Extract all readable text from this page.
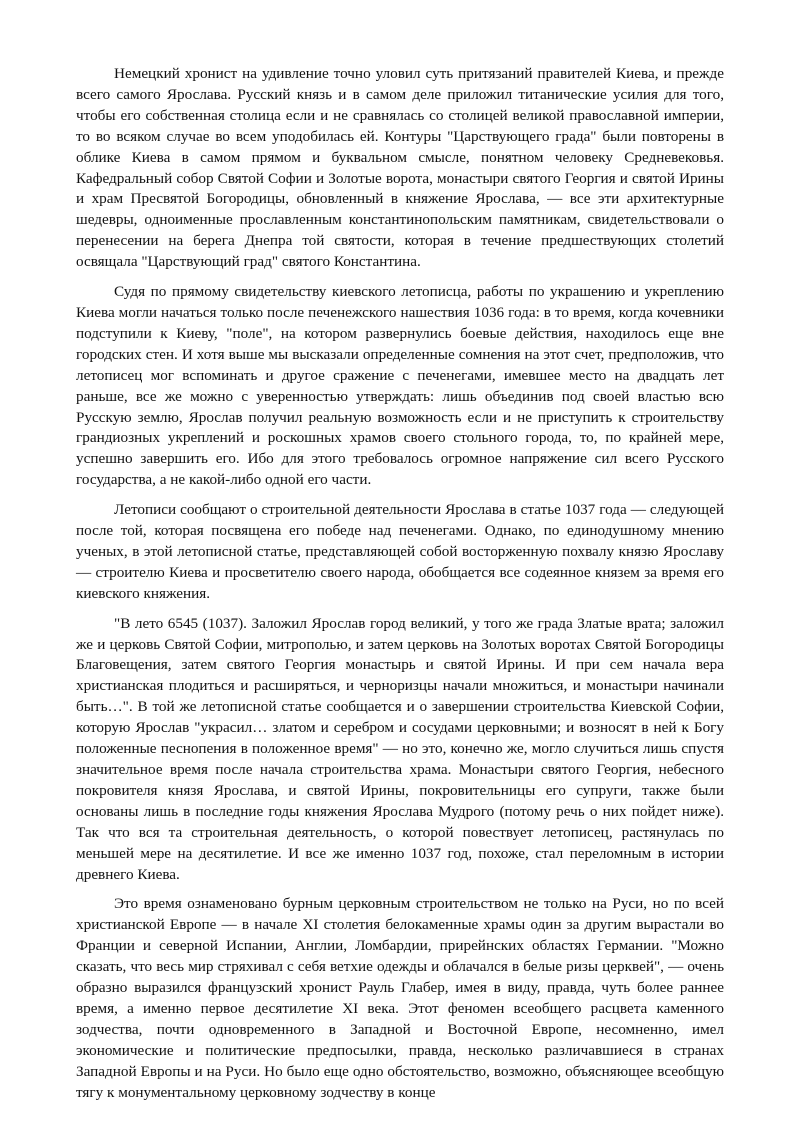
Немецкий хронист на удивление точно уловил суть притязаний правителей Киева, и прежде всего самого Ярослава. Русский князь и в самом деле приложил титанические усилия для того, чтобы его собственная столица если и не сравнялась со столицей великой православной империи, то во всяком случае во всем уподобилась ей. Контуры "Царствующего града" были повторены в облике Киева в самом прямом и буквальном смысле, понятном человеку Средневековья. Кафедральный собор Святой Софии и Золотые ворота, монастыри святого Георгия и святой Ирины и храм Пресвятой Богородицы, обновленный в княжение Ярослава, — все эти архитектурные шедевры, одноименные прославленным константинопольским памятникам, свидетельствовали о перенесении на берега Днепра той святости, которая в течение предшествующих столетий освящала "Царствующий град" святого Константина.

Судя по прямому свидетельству киевского летописца, работы по украшению и укреплению Киева могли начаться только после печенежского нашествия 1036 года: в то время, когда кочевники подступили к Киеву, "поле", на котором развернулись боевые действия, находилось еще вне городских стен. И хотя выше мы высказали определенные сомнения на этот счет, предположив, что летописец мог вспоминать и другое сражение с печенегами, имевшее место на двадцать лет раньше, все же можно с уверенностью утверждать: лишь объединив под своей властью всю Русскую землю, Ярослав получил реальную возможность если и не приступить к строительству грандиозных укреплений и роскошных храмов своего стольного города, то, по крайней мере, успешно завершить его. Ибо для этого требовалось огромное напряжение сил всего Русского государства, а не какой-либо одной его части.

Летописи сообщают о строительной деятельности Ярослава в статье 1037 года — следующей после той, которая посвящена его победе над печенегами. Однако, по единодушному мнению ученых, в этой летописной статье, представляющей собой восторженную похвалу князю Ярославу — строителю Киева и просветителю своего народа, обобщается все содеянное князем за время его киевского княжения.

"В лето 6545 (1037). Заложил Ярослав город великий, у того же града Златые врата; заложил же и церковь Святой Софии, митрополью, и затем церковь на Золотых воротах Святой Богородицы Благовещения, затем святого Георгия монастырь и святой Ирины. И при сем начала вера христианская плодиться и расширяться, и черноризцы начали множиться, и монастыри начинали быть…". В той же летописной статье сообщается и о завершении строительства Киевской Софии, которую Ярослав "украсил… златом и серебром и сосудами церковными; и возносят в ней к Богу положенные песнопения в положенное время" — но это, конечно же, могло случиться лишь спустя значительное время после начала строительства храма. Монастыри святого Георгия, небесного покровителя князя Ярослава, и святой Ирины, покровительницы его супруги, также были основаны лишь в последние годы княжения Ярослава Мудрого (потому речь о них пойдет ниже). Так что вся та строительная деятельность, о которой повествует летописец, растянулась по меньшей мере на десятилетие. И все же именно 1037 год, похоже, стал переломным в истории древнего Киева.

Это время ознаменовано бурным церковным строительством не только на Руси, но по всей христианской Европе — в начале XI столетия белокаменные храмы один за другим вырастали во Франции и северной Испании, Англии, Ломбардии, прирейнских областях Германии. "Можно сказать, что весь мир стряхивал с себя ветхие одежды и облачался в белые ризы церквей", — очень образно выразился французский хронист Рауль Глабер, имея в виду, правда, чуть более раннее время, а именно первое десятилетие XI века. Этот феномен всеобщего расцвета каменного зодчества, почти одновременного в Западной и Восточной Европе, несомненно, имел экономические и политические предпосылки, правда, несколько различавшиеся в странах Западной Европы и на Руси. Но было еще одно обстоятельство, возможно, объясняющее всеобщую тягу к монументальному церковному зодчеству в конце
